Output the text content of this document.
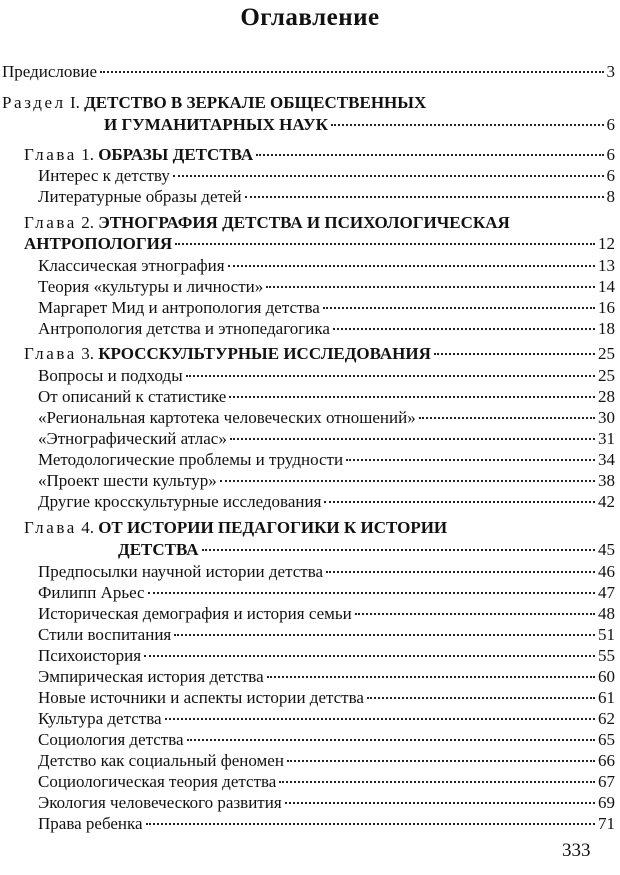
Оглавление
Предисловие	3
Раздел I. ДЕТСТВО В ЗЕРКАЛЕ ОБЩЕСТВЕННЫХ
И ГУМАНИТАРНЫХ НАУК	6
Глава 1. ОБРАЗЫ ДЕТСТВА	6
Интерес к детству	6
Литературные образы детей	8
Глава 2. ЭТНОГРАФИЯ ДЕТСТВА И ПСИХОЛОГИЧЕСКАЯ
АНТРОПОЛОГИЯ	12
Классическая этнография	13
Теория «культуры и личности»	14
Маргарет Мид и антропология детства	16
Антропология детства и этнопедагогика	18
Глава 3. КРОССКУЛЬТУРНЫЕ ИССЛЕДОВАНИЯ	25
Вопросы и подходы	25
От описаний к статистике	28
«Региональная картотека человеческих отношений»	30
«Этнографический атлас»	31
Методологические проблемы и трудности	34
«Проект шести культур»	38
Другие кросскультурные исследования	42
Глава 4. ОТ ИСТОРИИ ПЕДАГОГИКИ К ИСТОРИИ
ДЕТСТВА	45
Предпосылки научной истории детства	46
Филипп Арьес	47
Историческая демография и история семьи	48
Стили воспитания	51
Психоистория	55
Эмпирическая история детства	60
Новые источники и аспекты истории детства	61
Культура детства	62
Социология детства	65
Детство как социальный феномен	66
Социологическая теория детства	67
Экология человеческого развития	69
Права ребенка	71
333
